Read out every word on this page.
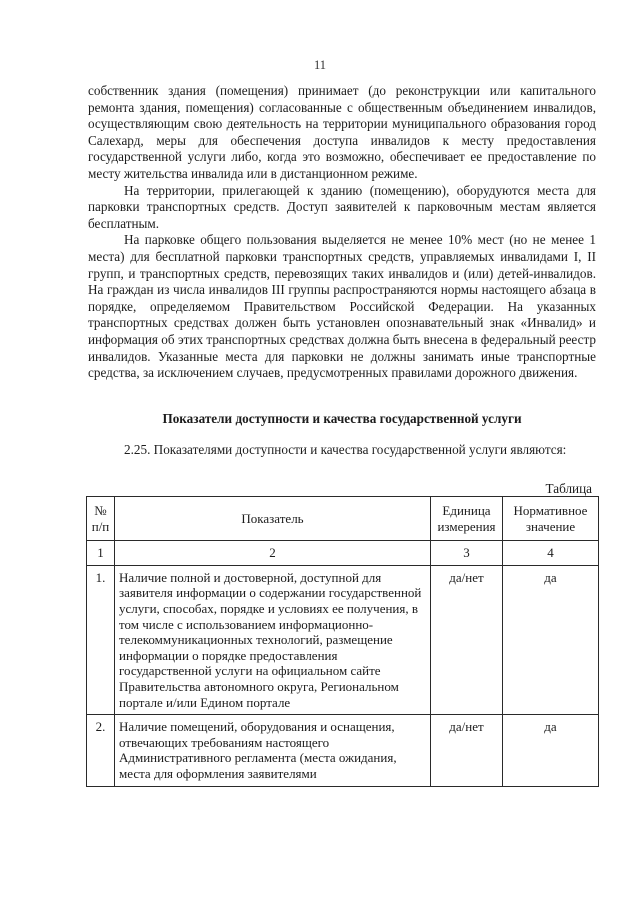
11

собственник здания (помещения) принимает (до реконструкции или капитального ремонта здания, помещения) согласованные с общественным объединением инвалидов, осуществляющим свою деятельность на территории муниципального образования город Салехард, меры для обеспечения доступа инвалидов к месту предоставления государственной услуги либо, когда это возможно, обеспечивает ее предоставление по месту жительства инвалида или в дистанционном режиме.

На территории, прилегающей к зданию (помещению), оборудуются места для парковки транспортных средств. Доступ заявителей к парковочным местам является бесплатным.

На парковке общего пользования выделяется не менее 10% мест (но не менее 1 места) для бесплатной парковки транспортных средств, управляемых инвалидами I, II групп, и транспортных средств, перевозящих таких инвалидов и (или) детей-инвалидов. На граждан из числа инвалидов III группы распространяются нормы настоящего абзаца в порядке, определяемом Правительством Российской Федерации. На указанных транспортных средствах должен быть установлен опознавательный знак «Инвалид» и информация об этих транспортных средствах должна быть внесена в федеральный реестр инвалидов. Указанные места для парковки не должны занимать иные транспортные средства, за исключением случаев, предусмотренных правилами дорожного движения.

Показатели доступности и качества государственной услуги
2.25. Показателями доступности и качества государственной услуги являются:
Таблица
№ п/п	Показатель	Единица измерения	Нормативное значение
1	2	3	4
1.	Наличие полной и достоверной, доступной для заявителя информации о содержании государственной услуги, способах, порядке и условиях ее получения, в том числе с использованием информационно-телекоммуникационных технологий, размещение информации о порядке предоставления государственной услуги на официальном сайте Правительства автономного округа, Региональном портале и/или Едином портале	да/нет	да
2.	Наличие помещений, оборудования и оснащения, отвечающих требованиям настоящего Административного регламента (места ожидания, места для оформления заявителями	да/нет	да
